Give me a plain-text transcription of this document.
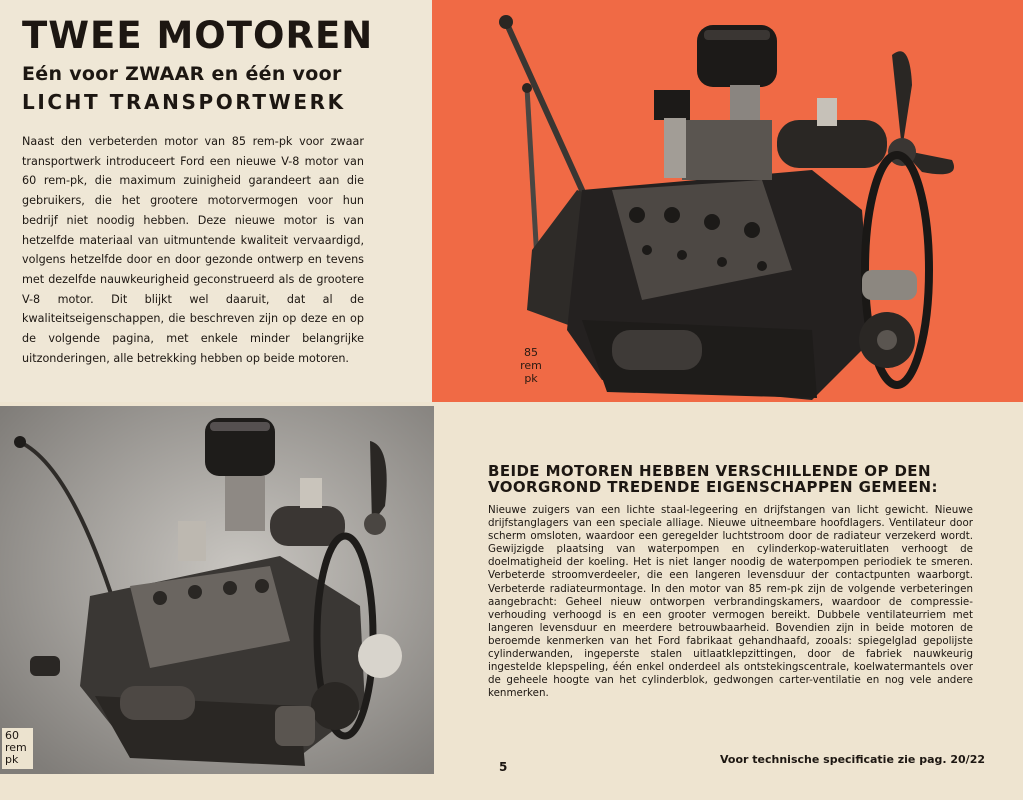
TWEE MOTOREN
Eén voor ZWAAR en één voor
LICHT TRANSPORTWERK
Naast den verbeterden motor van 85 rem-pk voor zwaar transportwerk introduceert Ford een nieuwe V-8 motor van 60 rem-pk, die maximum zuinigheid garandeert aan die gebruikers, die het grootere motorvermogen voor hun bedrijf niet noodig hebben. Deze nieuwe motor is van hetzelfde materiaal van uitmuntende kwaliteit vervaardigd, volgens hetzelfde door en door gezonde ontwerp en tevens met dezelfde nauwkeurigheid geconstrueerd als de grootere V-8 motor. Dit blijkt wel daaruit, dat al de kwaliteitseigenschappen, die beschreven zijn op deze en op de volgende pagina, met enkele minder belangrijke uitzonderingen, alle betrekking hebben op beide motoren.	85
rem
pk
60
rem
pk
BEIDE MOTOREN HEBBEN VERSCHILLENDE OP DEN VOORGROND TREDENDE EIGENSCHAPPEN GEMEEN:
Nieuwe zuigers van een lichte staal-legeering en drijfstangen van licht gewicht. Nieuwe drijfstanglagers van een speciale alliage. Nieuwe uitneembare hoofdlagers. Ventilateur door scherm omsloten, waardoor een geregelder luchtstroom door de radiateur verzekerd wordt. Gewijzigde plaatsing van waterpompen en cylinderkop-wateruitlaten verhoogt de doelmatigheid der koeling. Het is niet langer noodig de waterpompen periodiek te smeren. Verbeterde stroomverdeeler, die een langeren levensduur der contactpunten waarborgt. Verbeterde radiateurmontage. In den motor van 85 rem-pk zijn de volgende verbeteringen aangebracht: Geheel nieuw ontworpen verbrandingskamers, waardoor de compressie-verhouding verhoogd is en een grooter vermogen bereikt. Dubbele ventilateurriem met langeren levensduur en meerdere betrouwbaarheid. Bovendien zijn in beide motoren de beroemde kenmerken van het Ford fabrikaat gehandhaafd, zooals: spiegelglad gepolijste cylinderwanden, ingeperste stalen uitlaatklepzittingen, door de fabriek nauwkeurig ingestelde klepspeling, één enkel onderdeel als ontstekingscentrale, koelwatermantels over de geheele hoogte van het cylinderblok, gedwongen carter-ventilatie en nog vele andere kenmerken.
5
Voor technische specificatie zie pag. 20/22
